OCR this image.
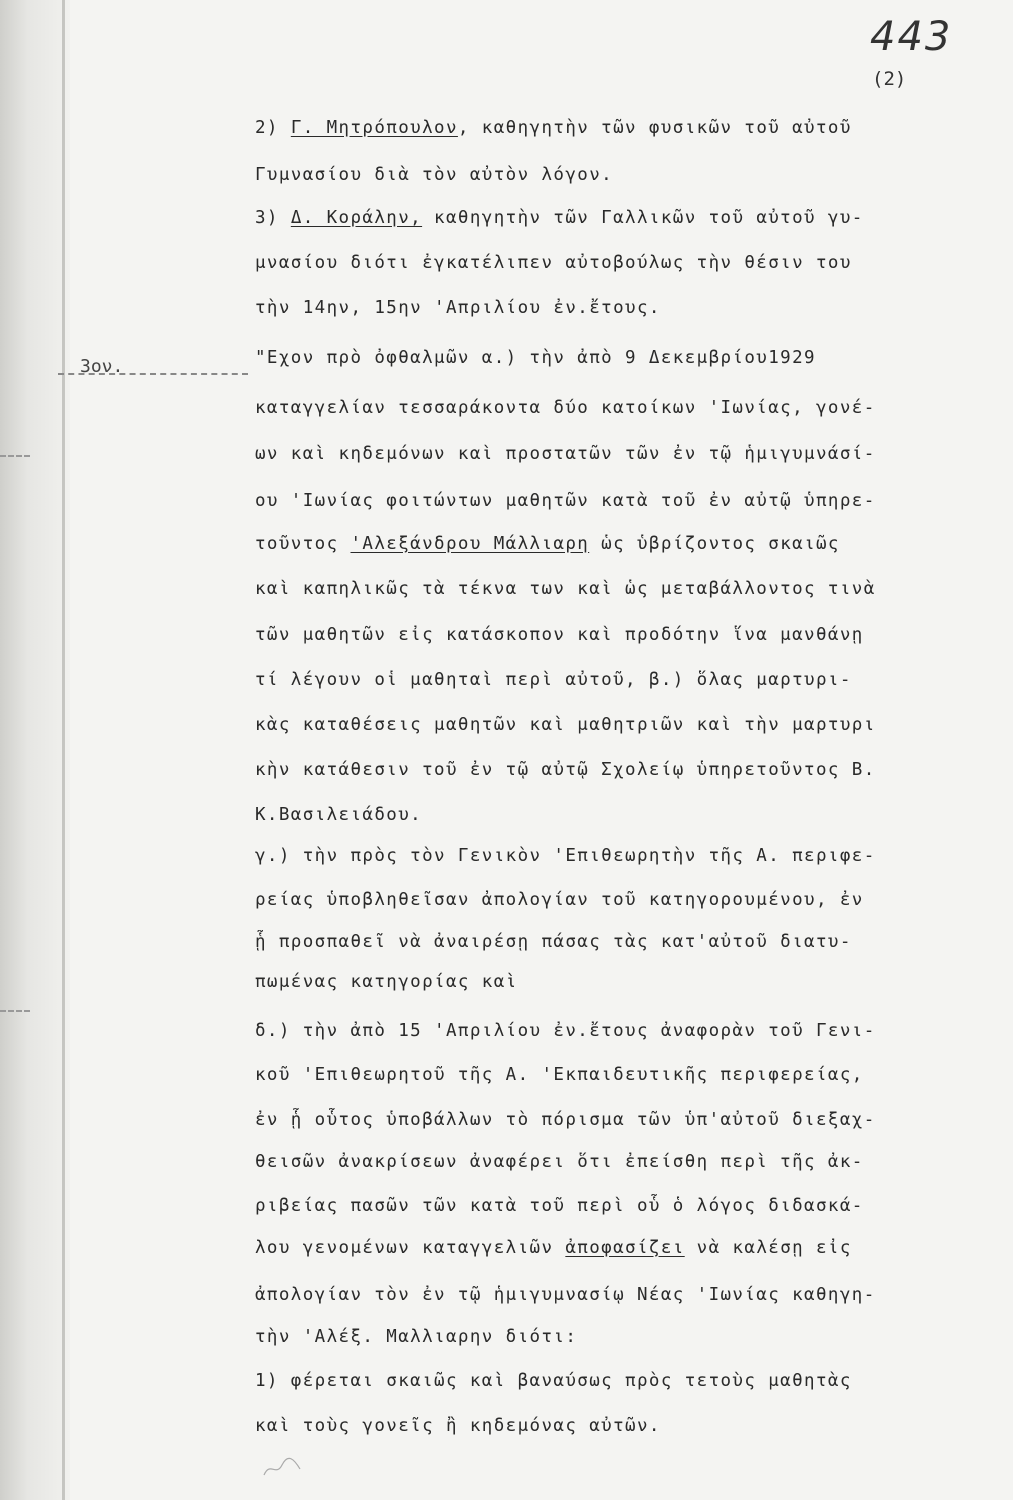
443
(2)
3ον.
2) Γ. Μητρόπουλον, καθηγητὴν τῶν φυσικῶν τοῦ αὐτοῦ
Γυμνασίου διὰ τὸν αὐτὸν λόγον.
3) Δ. Κοράλην, καθηγητὴν τῶν Γαλλικῶν τοῦ αὐτοῦ γυ-
μνασίου διότι ἐγκατέλιπεν αὐτοβούλως τὴν θέσιν του
τὴν 14ην, 15ην 'Απριλίου ἐν.ἔτους.
"Εχον πρὸ ὀφθαλμῶν α.) τὴν ἀπὸ 9 Δεκεμβρίου1929
καταγγελίαν τεσσαράκοντα δύο κατοίκων 'Ιωνίας, γονέ-
ων καὶ κηδεμόνων καὶ προστατῶν τῶν ἐν τῷ ἡμιγυμνάσί-
ου 'Ιωνίας φοιτώντων μαθητῶν κατὰ τοῦ ἐν αὐτῷ ὑπηρε-
τοῦντος 'Αλεξάνδρου Μάλλιαρη ὡς ὑβρίζοντος σκαιῶς
καὶ καπηλικῶς τὰ τέκνα των καὶ ὡς μεταβάλλοντος τινὰ
τῶν μαθητῶν εἰς κατάσκοπον καὶ προδότην ἵνα μανθάνῃ
τί λέγουν οἱ μαθηταὶ περὶ αὐτοῦ, β.) ὅλας μαρτυρι-
κὰς καταθέσεις μαθητῶν καὶ μαθητριῶν καὶ τὴν μαρτυρι
κὴν κατάθεσιν τοῦ ἐν τῷ αὐτῷ Σχολείῳ ὑπηρετοῦντος Β.
Κ.Βασιλειάδου.
γ.) τὴν πρὸς τὸν Γενικὸν 'Επιθεωρητὴν τῆς Α. περιφε-
ρείας ὑποβληθεῖσαν ἀπολογίαν τοῦ κατηγορουμένου, ἐν
ᾗ προσπαθεῖ νὰ ἀναιρέσῃ πάσας τὰς κατ'αὐτοῦ διατυ-
πωμένας κατηγορίας καὶ
δ.) τὴν ἀπὸ 15 'Απριλίου ἐν.ἔτους ἀναφορὰν τοῦ Γενι-
κοῦ 'Επιθεωρητοῦ τῆς Α. 'Εκπαιδευτικῆς περιφερείας,
ἐν ᾗ οὗτος ὑποβάλλων τὸ πόρισμα τῶν ὑπ'αὐτοῦ διεξαχ-
θεισῶν ἀνακρίσεων ἀναφέρει ὅτι ἐπείσθη περὶ τῆς ἀκ-
ριβείας πασῶν τῶν κατὰ τοῦ περὶ οὗ ὁ λόγος διδασκά-
λου γενομένων καταγγελιῶν ἀποφασίζει νὰ καλέσῃ εἰς
ἀπολογίαν τὸν ἐν τῷ ἡμιγυμνασίῳ Νέας 'Ιωνίας καθηγη-
τὴν 'Αλέξ. Μαλλιαρην διότι:
1) φέρεται σκαιῶς καὶ βαναύσως πρὸς τετοὺς μαθητὰς
καὶ τοὺς γονεῖς ἢ κηδεμόνας αὐτῶν.
